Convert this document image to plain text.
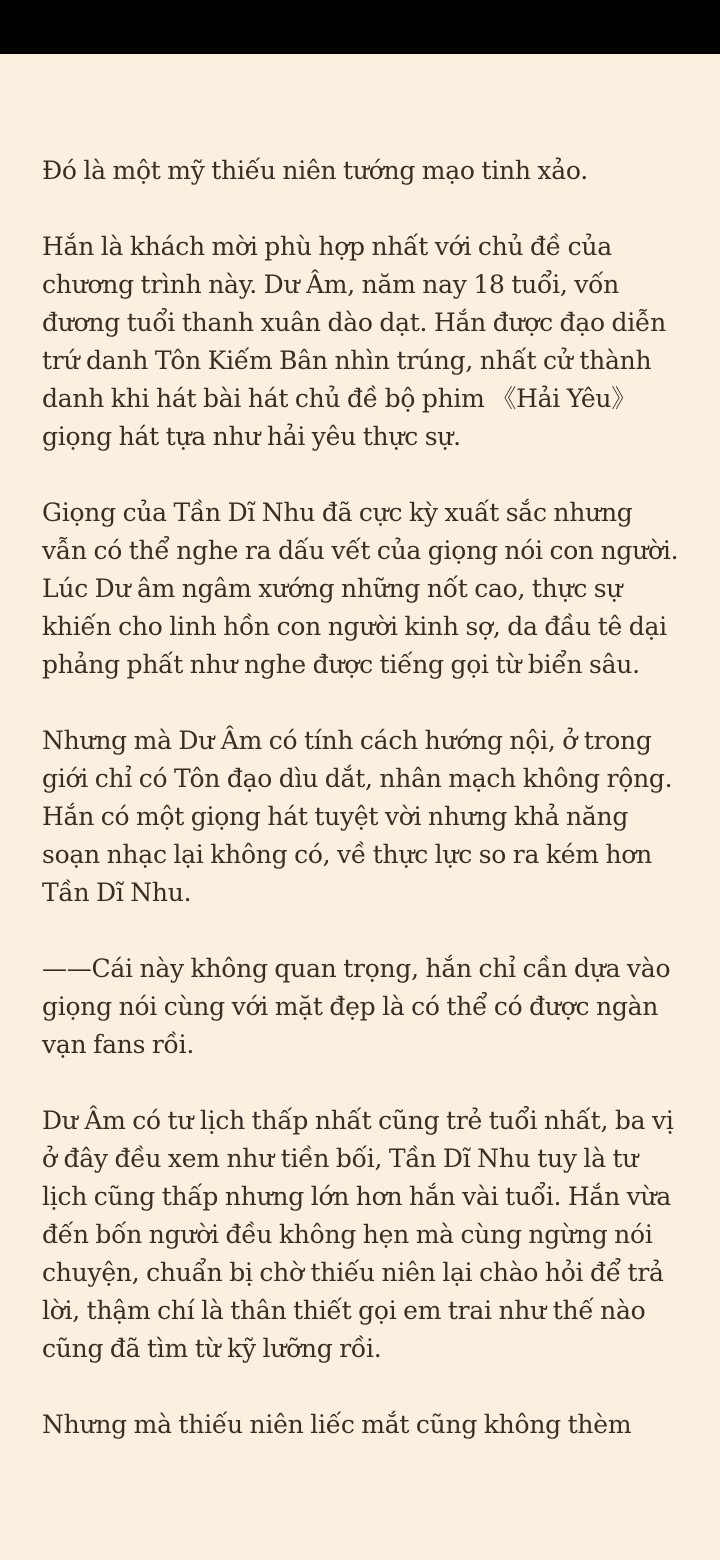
Đó là một mỹ thiếu niên tướng mạo tinh xảo.

Hắn là khách mời phù hợp nhất với chủ đề của chương trình này. Dư Âm, năm nay 18 tuổi, vốn đương tuổi thanh xuân dào dạt. Hắn được đạo diễn trứ danh Tôn Kiếm Bân nhìn trúng, nhất cử thành danh khi hát bài hát chủ đề bộ phim 《Hải Yêu》 giọng hát tựa như hải yêu thực sự.

Giọng của Tần Dĩ Nhu đã cực kỳ xuất sắc nhưng vẫn có thể nghe ra dấu vết của giọng nói con người. Lúc Dư âm ngâm xướng những nốt cao, thực sự khiến cho linh hồn con người kinh sợ, da đầu tê dại phảng phất như nghe được tiếng gọi từ biển sâu.

Nhưng mà Dư Âm có tính cách hướng nội, ở trong giới chỉ có Tôn đạo dìu dắt, nhân mạch không rộng. Hắn có một giọng hát tuyệt vời nhưng khả năng soạn nhạc lại không có, về thực lực so ra kém hơn Tần Dĩ Nhu.

——Cái này không quan trọng, hắn chỉ cần dựa vào giọng nói cùng với mặt đẹp là có thể có được ngàn vạn fans rồi.

Dư Âm có tư lịch thấp nhất cũng trẻ tuổi nhất, ba vị ở đây đều xem như tiền bối, Tần Dĩ Nhu tuy là tư lịch cũng thấp nhưng lớn hơn hắn vài tuổi. Hắn vừa đến bốn người đều không hẹn mà cùng ngừng nói chuyện, chuẩn bị chờ thiếu niên lại chào hỏi để trả lời, thậm chí là thân thiết gọi em trai như thế nào cũng đã tìm từ kỹ lưỡng rồi.

Nhưng mà thiếu niên liếc mắt cũng không thèm
